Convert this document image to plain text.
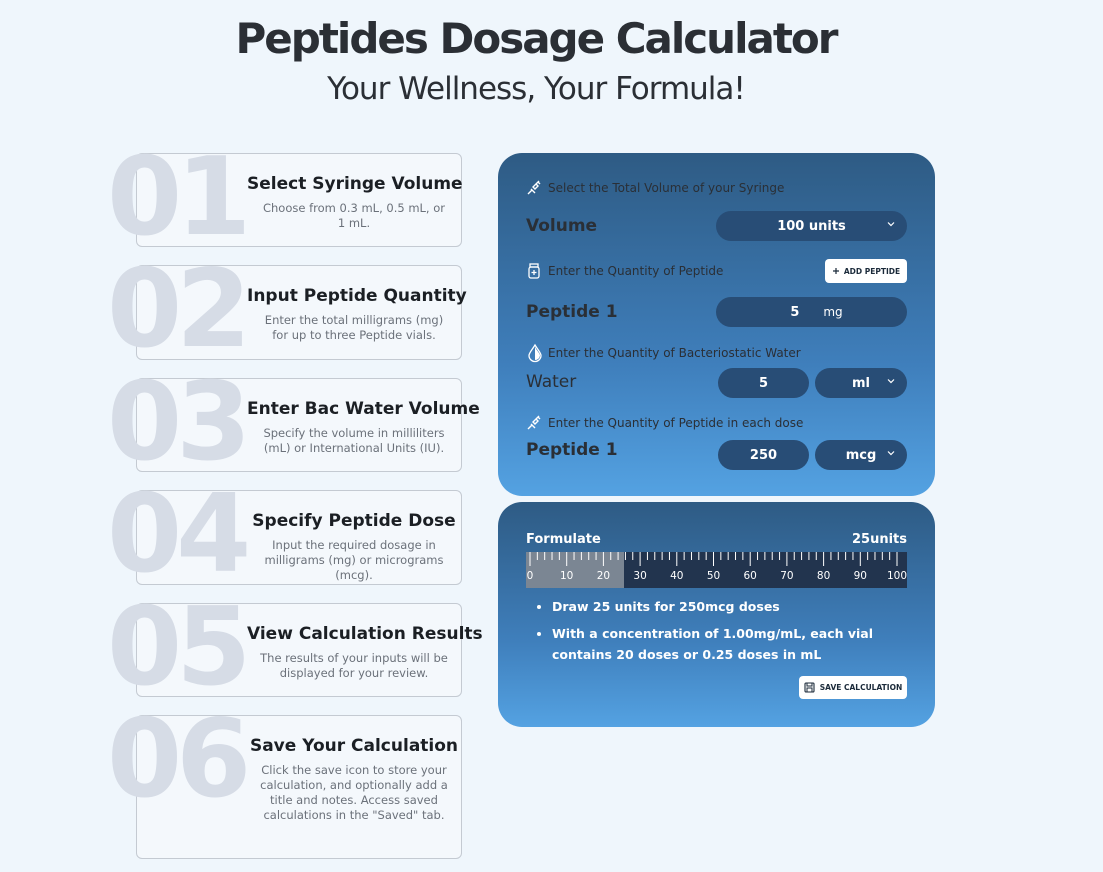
Peptides Dosage Calculator
Your Wellness, Your Formula!
01 Select Syringe Volume
Choose from 0.3 mL, 0.5 mL, or 1 mL.
02 Input Peptide Quantity
Enter the total milligrams (mg) for up to three Peptide vials.
03 Enter Bac Water Volume
Specify the volume in milliliters (mL) or International Units (IU).
04 Specify Peptide Dose
Input the required dosage in milligrams (mg) or micrograms (mcg).
05 View Calculation Results
The results of your inputs will be displayed for your review.
06 Save Your Calculation
Click the save icon to store your calculation, and optionally add a title and notes. Access saved calculations in the "Saved" tab.
Select the Total Volume of your Syringe
Volume	100 units
Enter the Quantity of Peptide	ADD PEPTIDE
Peptide 1	5 mg
Enter the Quantity of Bacteriostatic Water
Water	5	ml
Enter the Quantity of Peptide in each dose
Peptide 1	250	mcg
Formulate	25units
0	10 20 30 40 50 60 70 80 90 100
• Draw 25 units for 250mcg doses
• With a concentration of 1.00mg/mL, each vial contains 20 doses or 0.25 doses in mL
SAVE CALCULATION
